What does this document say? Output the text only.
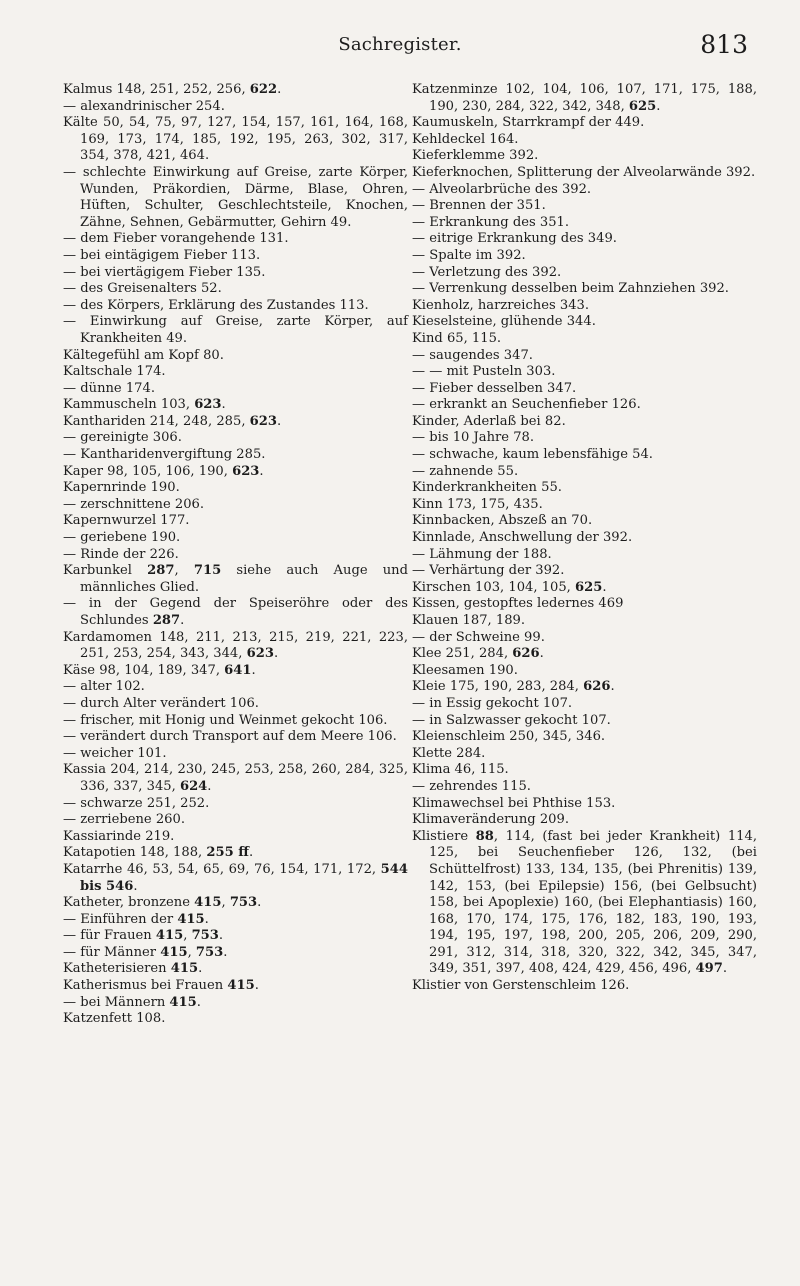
Sachregister.	813

Kalmus 148, 251, 252, 256, 622.

— alexandrinischer 254.

Kälte 50, 54, 75, 97, 127, 154, 157, 161, 164, 168, 169, 173, 174, 185, 192, 195, 263, 302, 317, 354, 378, 421, 464.

— schlechte Einwirkung auf Greise, zarte Körper, Wunden, Präkordien, Därme, Blase, Ohren, Hüften, Schulter, Geschlechtsteile, Knochen, Zähne, Sehnen, Gebärmutter, Gehirn 49.

— dem Fieber vorangehende 131.

— bei eintägigem Fieber 113.

— bei viertägigem Fieber 135.

— des Greisenalters 52.

— des Körpers, Erklärung des Zustandes 113.

— Einwirkung auf Greise, zarte Körper, auf Krankheiten 49.

Kältegefühl am Kopf 80.

Kaltschale 174.

— dünne 174.

Kammuscheln 103, 623.

Kanthariden 214, 248, 285, 623.

— gereinigte 306.

— Kantharidenvergiftung 285.

Kaper 98, 105, 106, 190, 623.

Kapernrinde 190.

— zerschnittene 206.

Kapernwurzel 177.

— geriebene 190.

— Rinde der 226.

Karbunkel 287, 715 siehe auch Auge und männliches Glied.

— in der Gegend der Speiseröhre oder des Schlundes 287.

Kardamomen 148, 211, 213, 215, 219, 221, 223, 251, 253, 254, 343, 344, 623.

Käse 98, 104, 189, 347, 641.

— alter 102.

— durch Alter verändert 106.

— frischer, mit Honig und Weinmet gekocht 106.

— verändert durch Transport auf dem Meere 106.

— weicher 101.

Kassia 204, 214, 230, 245, 253, 258, 260, 284, 325, 336, 337, 345, 624.

— schwarze 251, 252.

— zerriebene 260.

Kassiarinde 219.

Katapotien 148, 188, 255 ff.

Katarrhe 46, 53, 54, 65, 69, 76, 154, 171, 172, 544 bis 546.

Katheter, bronzene 415, 753.

— Einführen der 415.

— für Frauen 415, 753.

— für Männer 415, 753.

Katheterisieren 415.

Katherismus bei Frauen 415.

— bei Männern 415.

Katzenfett 108.

Katzenminze 102, 104, 106, 107, 171, 175, 188, 190, 230, 284, 322, 342, 348, 625.

Kaumuskeln, Starrkrampf der 449.

Kehldeckel 164.

Kieferklemme 392.

Kieferknochen, Splitterung der Alveolarwände 392.

— Alveolarbrüche des 392.

— Brennen der 351.

— Erkrankung des 351.

— eitrige Erkrankung des 349.

— Spalte im 392.

— Verletzung des 392.

— Verrenkung desselben beim Zahnziehen 392.

Kienholz, harzreiches 343.

Kieselsteine, glühende 344.

Kind 65, 115.

— saugendes 347.

— — mit Pusteln 303.

— Fieber desselben 347.

— erkrankt an Seuchenfieber 126.

Kinder, Aderlaß bei 82.

— bis 10 Jahre 78.

— schwache, kaum lebensfähige 54.

— zahnende 55.

Kinderkrankheiten 55.

Kinn 173, 175, 435.

Kinnbacken, Abszeß an 70.

Kinnlade, Anschwellung der 392.

— Lähmung der 188.

— Verhärtung der 392.

Kirschen 103, 104, 105, 625.

Kissen, gestopftes ledernes 469

Klauen 187, 189.

— der Schweine 99.

Klee 251, 284, 626.

Kleesamen 190.

Kleie 175, 190, 283, 284, 626.

— in Essig gekocht 107.

— in Salzwasser gekocht 107.

Kleienschleim 250, 345, 346.

Klette 284.

Klima 46, 115.

— zehrendes 115.

Klimawechsel bei Phthise 153.

Klimaveränderung 209.

Klistiere 88, 114, (fast bei jeder Krankheit) 114, 125, bei Seuchenfieber 126, 132, (bei Schüttelfrost) 133, 134, 135, (bei Phrenitis) 139, 142, 153, (bei Epilepsie) 156, (bei Gelbsucht) 158, bei Apoplexie) 160, (bei Elephantiasis) 160, 168, 170, 174, 175, 176, 182, 183, 190, 193, 194, 195, 197, 198, 200, 205, 206, 209, 290, 291, 312, 314, 318, 320, 322, 342, 345, 347, 349, 351, 397, 408, 424, 429, 456, 496, 497.

Klistier von Gerstenschleim 126.
